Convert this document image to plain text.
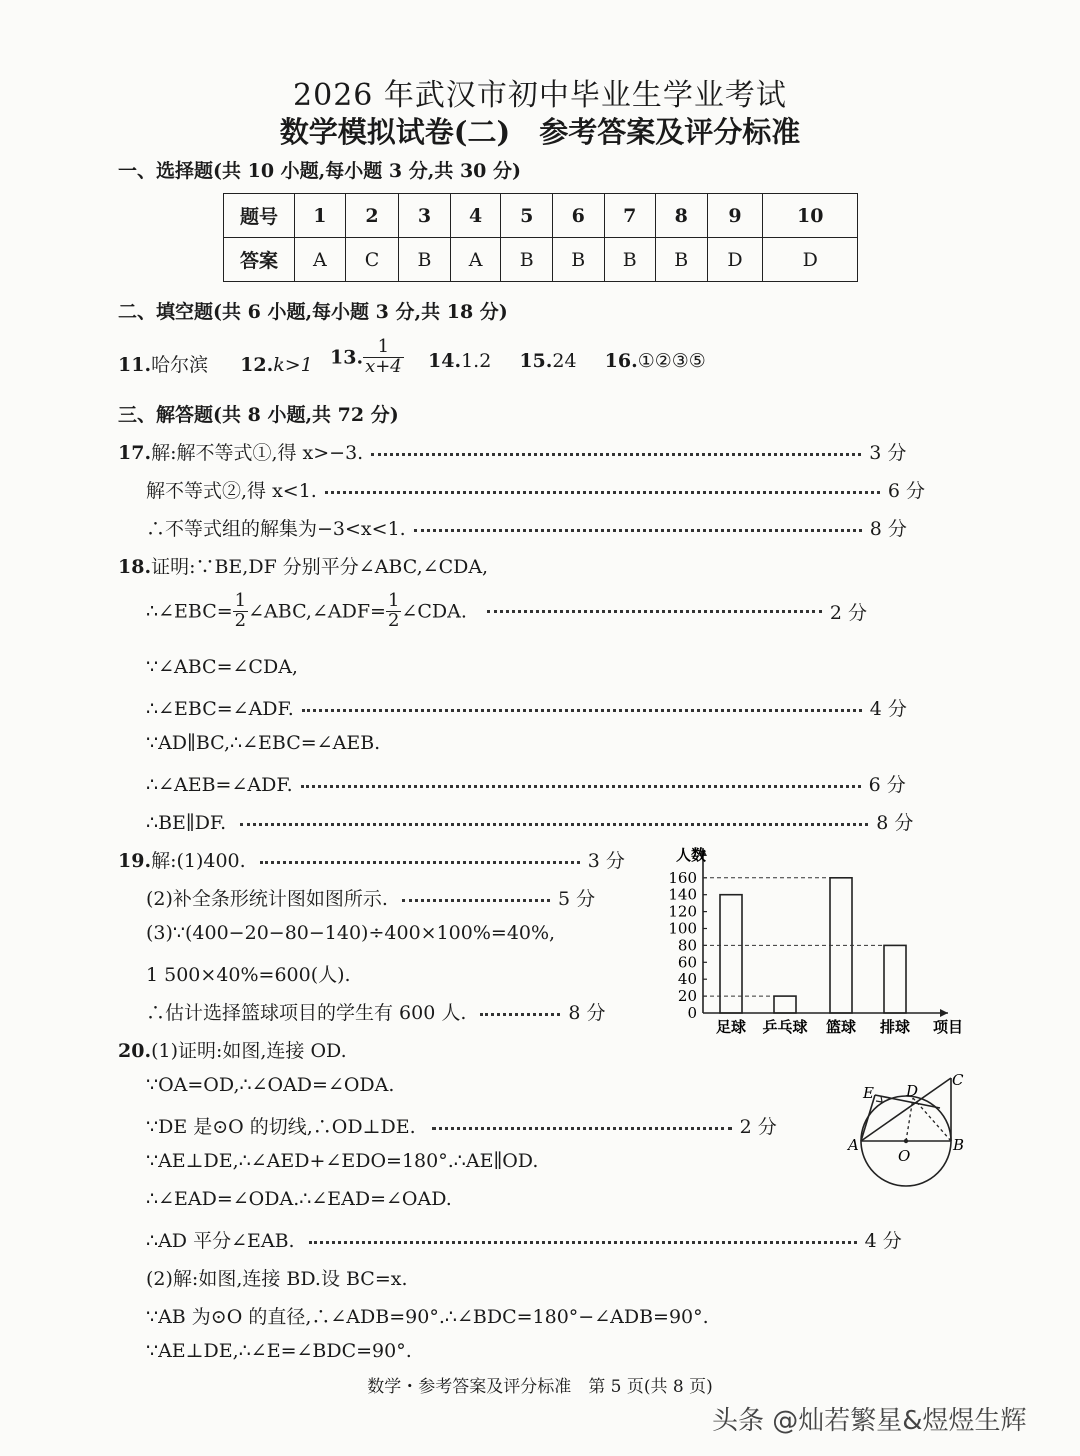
2026 年武汉市初中毕业生学业考试
数学模拟试卷(二)　参考答案及评分标准
一、选择题(共 10 小题,每小题 3 分,共 30 分)
题号	1	2	3	4	5	6	7	8	9	10
答案	A	C	B	A	B	B	B	B	D	D
二、填空题(共 6 小题,每小题 3 分,共 18 分)
11.哈尔滨 12.k>1 13. $\frac{1}{x+4} 14.1.2$ 15.24 16.①②③⑤
三、解答题(共 8 小题,共 72 分)
17.解:解不等式①,得 x>−3.	3 分
解不等式②,得 x<1.	6 分
∴不等式组的解集为−3<x<1.	8 分
18.证明:∵BE,DF 分别平分∠ABC,∠CDA,
∴∠EBC= $\frac{1}{2}$ ∠ABC,∠ADF= $\frac{1}{2}$ ∠CDA.	2 分
∵∠ABC=∠CDA,
∴∠EBC=∠ADF.	4 分
∵AD∥BC,∴∠EBC=∠AEB.
∴∠AEB=∠ADF.	6 分
∴BE∥DF.	8 分
19.解:(1)400.	3 分
(2)补全条形统计图如图所示.	5 分
(3)∵(400−20−80−140)÷400×100%=40%,
1 500×40%=600(人).
∴估计选择篮球项目的学生有 600 人.	8 分	0
20
40
60
80
100
120
140
160
足球 乒乓球 篮球 排球
人数
项目
20.(1)证明:如图,连接 OD.
∵OA=OD,∴∠OAD=∠ODA.
∵DE 是⊙O 的切线,∴OD⊥DE.	2 分
∵AE⊥DE,∴∠AED+∠EDO=180°.∴AE∥OD.
∴∠EAD=∠ODA.∴∠EAD=∠OAD.
∴AD 平分∠EAB.	4 分
(2)解:如图,连接 BD.设 BC=x.
∵AB 为⊙O 的直径,∴∠ADB=90°.∴∠BDC=180°−∠ADB=90°.
∵AE⊥DE,∴∠E=∠BDC=90°.
E D
C
A
O
B
数学・参考答案及评分标准　第 5 页(共 8 页)
头条 @灿若繁星&煜煜生辉
